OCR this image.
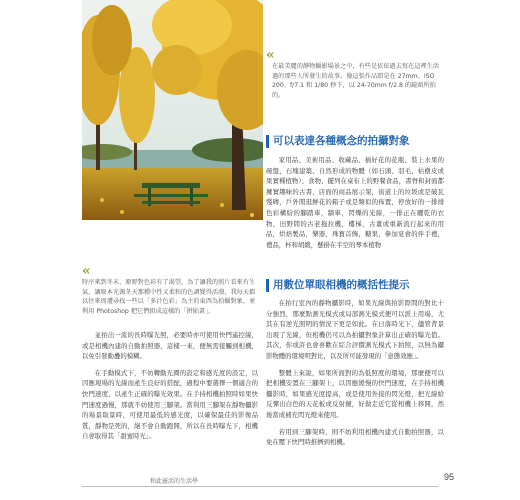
«

時序來到冬末，原野對色彩有了渴望，為了讓我的照片看來有生氣，讓原本光源冬天那種中性又柔和的色調變得活潑，我每天都以往來周遭尋找一些以「多汁色彩」為主的東西為拍攝對象，並利用 Photoshop 把它們組成這樣的「拼貼畫」。

並拍出一流的長時曝光照，必要時亦可使用快門遙控線，或是相機內建的自動拍照器，這樣一來，便無需接觸到相機，以免引發動疊的模糊。

在手動模式下，不妨轉動光圈的設定和感光度的設定，以因應現場的光線而產生良好的搭配，過程中要選擇一個適合的快門速度，以產生正確的曝光效果。在手持相機拍照時如果快門速度過慢，那就不妨使用三腳架。當利用三腳架在靜物攝影的場景取景時，可使用最低的感光度，以確保最佳的影像品質，靜物是死的，絕不會自動跑開，所以在長時曝光下，相機自會取得其「甜蜜時光」。

«

在最美麗的靜物攝影場景之中，有些是依依過去寫在這裡生活過的那些人所發生的故事。像這張作品即是在 27mm、ISO 200、f/7.1 和 1/80 秒下，以 24-70mm f/2.8 的鏡頭所拍的。

可以表達各種概念的拍攝對象

家用品、美術用品、收藏品、插好花的花瓶、裝上水果的碗盤，石塊建築、自然形成的物體（如石頭、羽毛、枯樹皮或果實種植物）、食物、擺列在桌布上的野餐食品，書脊和封面都擁實趣味的古書，店面的商品展示架，街道上的垃圾或是破瓦殘磚，戶外閒逛鮮花的箱子或是類似的佈置，停放好的一排排色彩構紛的腳踏車，牆車，閃爍的光線，一排正在曬乾的衣物，田野間的古老拖拉機，樓梯，古董或重新流行起來的用品，烘焙製品，樂器，珠寶首飾，糖果，參加宴會的伴手禮，禮品，杯和胡緞，懸掛在半空的琴本植物

用數位單眼相機的概括性提示

在拍行室內的靜物攝影時，如果光線與拍影際間的對比十分強烈，那麼點測光模式或局部測光模式便可以派上用場，尤其在有逆光照明的情況下更是如此。在日落時光下，儘管背景出現了光線，但相機仍可以為拍攝對象計算出正確的曝光值。其次，你或許也會喜歡在綜合評價測光模式下拍照，以無為攝影物體的環境明對比，以及所可能發現的「意態效應」。

整體上來說，如果所面對的為低照度的環境，那麼便可以把相機安置在三腳架上，以因應緩慢的快門速度，在手持相機攝影時，如果感光度提高，或是使用外接的閃光燈，把光線給反彈出白色的天花板或反射鏡，好做走近它從相機上移開，然後當成補充閃光燈來使用。

若用到三腳架時，則不妨利用相機內建式自動拍照器，以免在壓下快門時推擠到相機。

和此靈活的生活學	95
